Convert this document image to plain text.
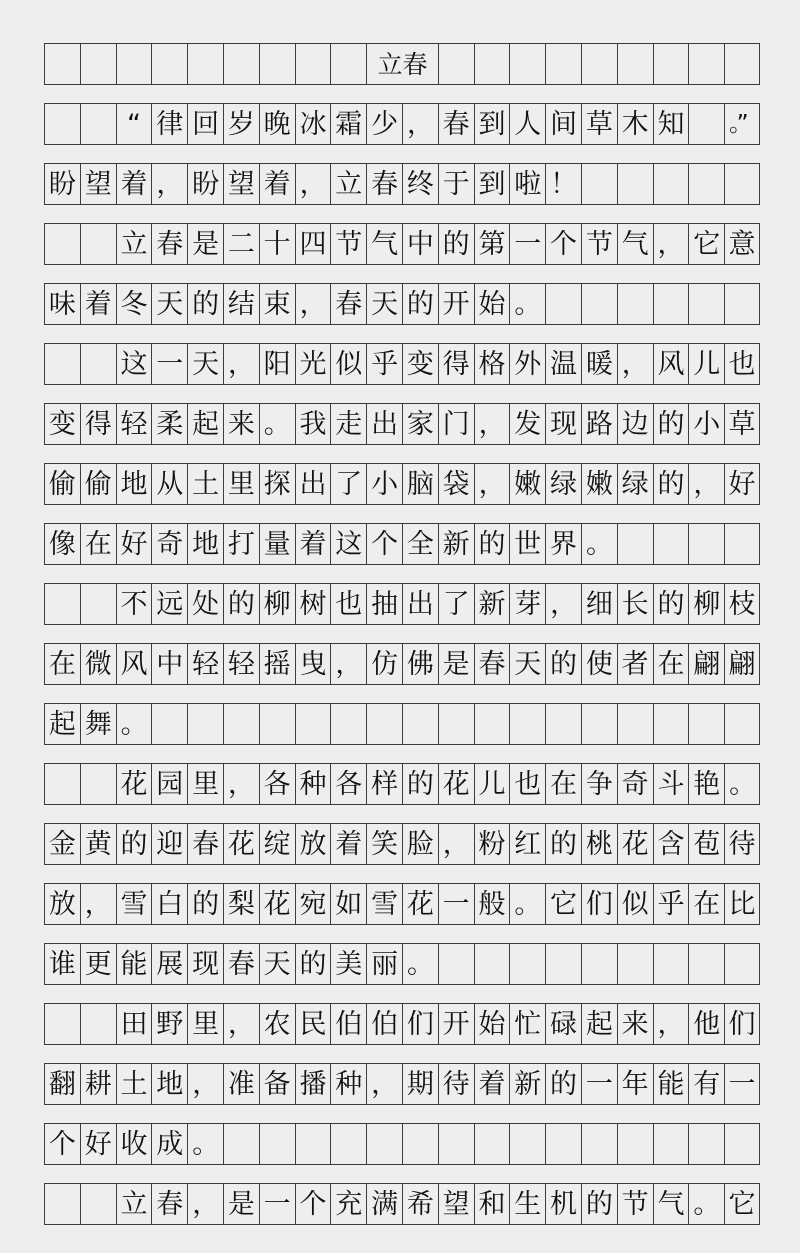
立春
“ 律 回 岁 晚 冰 霜 少 ， 春 到 人 间 草 木 知 。”
盼 望 着 ， 盼 望 着 ， 立 春 终 于 到 啦 ！
立 春 是 二 十 四 节 气 中 的 第 一 个 节 气 ， 它 意
味 着 冬 天 的 结 束 ， 春 天 的 开 始 。
这 一 天 ， 阳 光 似 乎 变 得 格 外 温 暖 ， 风 儿 也
变 得 轻 柔 起 来 。 我 走 出 家 门 ， 发 现 路 边 的 小 草
偷 偷 地 从 土 里 探 出 了 小 脑 袋 ， 嫩 绿 嫩 绿 的 ， 好
像 在 好 奇 地 打 量 着 这 个 全 新 的 世 界 。
不 远 处 的 柳 树 也 抽 出 了 新 芽 ， 细 长 的 柳 枝
在 微 风 中 轻 轻 摇 曳 ， 仿 佛 是 春 天 的 使 者 在 翩 翩
起 舞 。
花 园 里 ， 各 种 各 样 的 花 儿 也 在 争 奇 斗 艳 。
金 黄 的 迎 春 花 绽 放 着 笑 脸 ， 粉 红 的 桃 花 含 苞 待
放 ， 雪 白 的 梨 花 宛 如 雪 花 一 般 。 它 们 似 乎 在 比
谁 更 能 展 现 春 天 的 美 丽 。
田 野 里 ， 农 民 伯 伯 们 开 始 忙 碌 起 来 ， 他 们
翻 耕 土 地 ， 准 备 播 种 ， 期 待 着 新 的 一 年 能 有 一
个 好 收 成 。
立 春 ， 是 一 个 充 满 希 望 和 生 机 的 节 气 。 它
